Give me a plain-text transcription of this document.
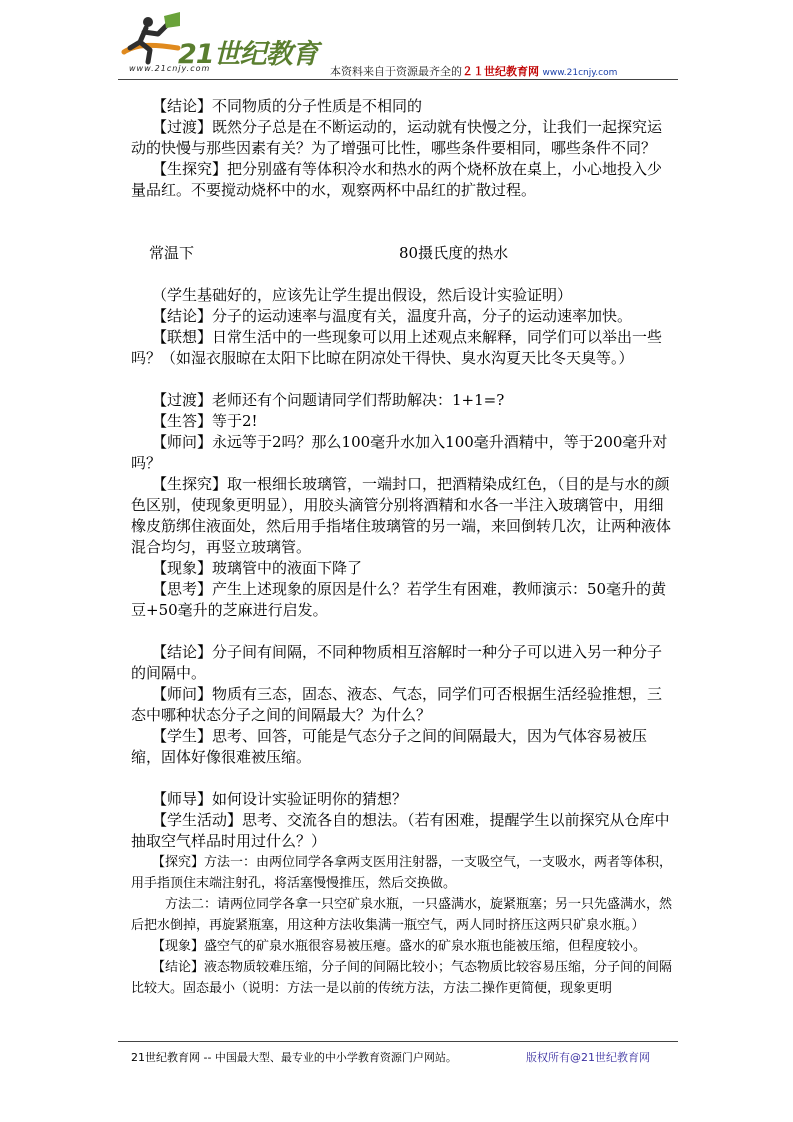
21世纪教育
www.21cnjy.com	本资料来自于资源最齐全的２１世纪教育网 www.21cnjy.com

【结论】不同物质的分子性质是不相同的

【过渡】既然分子总是在不断运动的，运动就有快慢之分，让我们一起探究运动的快慢与那些因素有关？为了增强可比性，哪些条件要相同，哪些条件不同？

【生探究】把分别盛有等体积冷水和热水的两个烧杯放在桌上，小心地投入少量品红。不要搅动烧杯中的水，观察两杯中品红的扩散过程。

常温下	80摄氏度的热水

（学生基础好的，应该先让学生提出假设，然后设计实验证明）

【结论】分子的运动速率与温度有关，温度升高，分子的运动速率加快。

【联想】日常生活中的一些现象可以用上述观点来解释，同学们可以举出一些吗？（如湿衣服晾在太阳下比晾在阴凉处干得快、臭水沟夏天比冬天臭等。）

【过渡】老师还有个问题请同学们帮助解决：1+1=?

【生答】等于2!

【师问】永远等于2吗？那么100毫升水加入100毫升酒精中，等于200毫升对吗？

【生探究】取一根细长玻璃管，一端封口，把酒精染成红色，（目的是与水的颜色区别，使现象更明显），用胶头滴管分别将酒精和水各一半注入玻璃管中，用细橡皮筋绑住液面处，然后用手指堵住玻璃管的另一端，来回倒转几次，让两种液体混合均匀，再竖立玻璃管。

【现象】玻璃管中的液面下降了

【思考】产生上述现象的原因是什么？若学生有困难，教师演示：50毫升的黄豆+50毫升的芝麻进行启发。

【结论】分子间有间隔，不同种物质相互溶解时一种分子可以进入另一种分子的间隔中。

【师问】物质有三态，固态、液态、气态，同学们可否根据生活经验推想，三态中哪种状态分子之间的间隔最大？为什么？

【学生】思考、回答，可能是气态分子之间的间隔最大，因为气体容易被压缩，固体好像很难被压缩。

【师导】如何设计实验证明你的猜想？

【学生活动】思考、交流各自的想法。（若有困难，提醒学生以前探究从仓库中抽取空气样品时用过什么？）

【探究】方法一：由两位同学各拿两支医用注射器，一支吸空气，一支吸水，两者等体积，用手指顶住末端注射孔，将活塞慢慢推压，然后交换做。

方法二：请两位同学各拿一只空矿泉水瓶，一只盛满水，旋紧瓶塞；另一只先盛满水，然后把水倒掉，再旋紧瓶塞，用这种方法收集满一瓶空气，两人同时挤压这两只矿泉水瓶。）

【现象】盛空气的矿泉水瓶很容易被压瘪。盛水的矿泉水瓶也能被压缩，但程度较小。

【结论】液态物质较难压缩，分子间的间隔比较小；气态物质比较容易压缩，分子间的间隔比较大。固态最小（说明：方法一是以前的传统方法，方法二操作更简便，现象更明

21世纪教育网 -- 中国最大型、最专业的中小学教育资源门户网站。	版权所有@21世纪教育网
